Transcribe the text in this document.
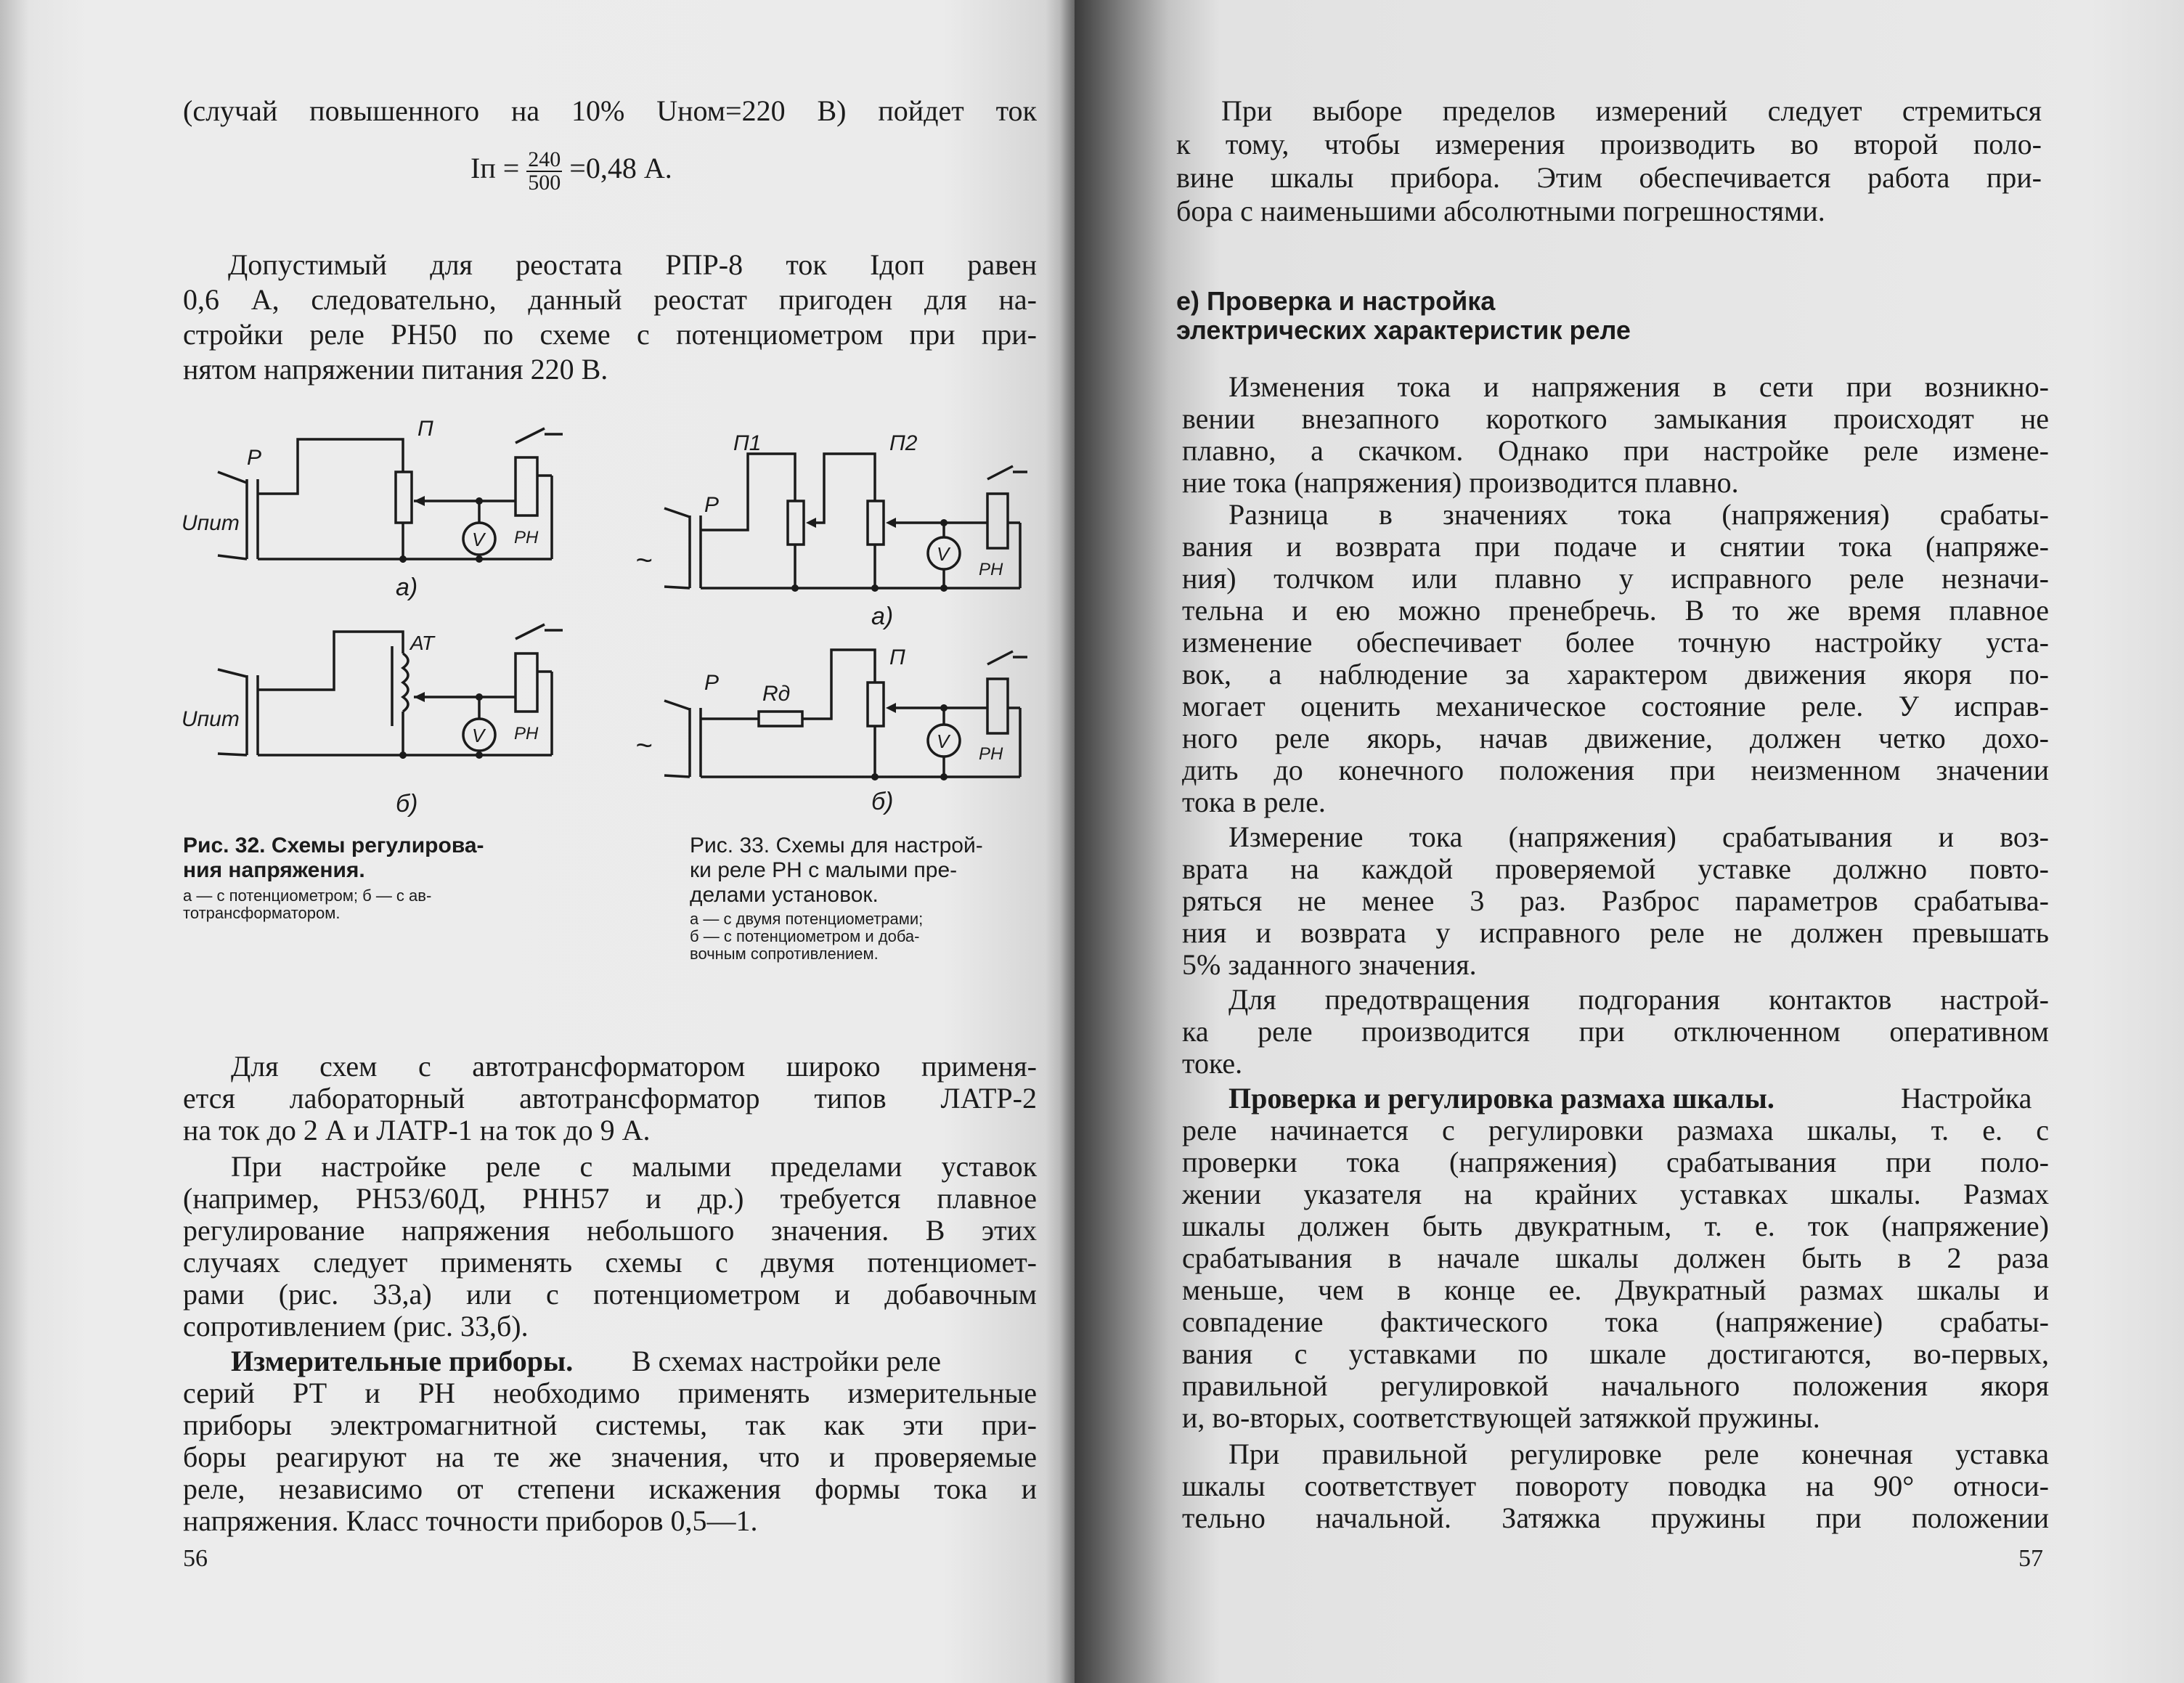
(случай повышенного на 10% Uном=220 В) пойдет ток
Iп = $\frac{240}{500} =0,48$ А.
Допустимый для реостата РПР-8 ток Iдоп равен
0,6 А, следовательно, данный реостат пригоден для на-
стройки реле РН50 по схеме с потенциометром при при-
нятом напряжении питания 220 В.
Р
П
Uпит
V РН
а)
АТ
Uпит
V РН
б)
Рис. 32. Схемы регулирова-
ния напряжения.
а — с потенциометром; б — с ав-
тотрансформатором.
Р
П1	П2
~	V
РН
а)
Р Rд
П
~	V
РН
б)
Рис. 33. Схемы для настрой-
ки реле РН с малыми пре-
делами установок.
а — с двумя потенциометрами;
б — с потенциометром и доба-
вочным сопротивлением.
Для схем с автотрансформатором широко применя-
ется лабораторный автотрансформатор типов ЛАТР-2
на ток до 2 А и ЛАТР-1 на ток до 9 А.
При настройке реле с малыми пределами уставок
(например, РН53/60Д, РНН57 и др.) требуется плавное
регулирование напряжения небольшого значения. В этих
случаях следует применять схемы с двумя потенциомет-
рами (рис. 33,а) или с потенциометром и добавочным
сопротивлением (рис. 33,б).
Измерительные приборы. В схемах настройки реле
серий РТ и РН необходимо применять измерительные
приборы электромагнитной системы, так как эти при-
боры реагируют на те же значения, что и проверяемые
реле, независимо от степени искажения формы тока и
напряжения. Класс точности приборов 0,5—1.
56
При выборе пределов измерений следует стремиться
к тому, чтобы измерения производить во второй поло-
вине шкалы прибора. Этим обеспечивается работа при-
бора с наименьшими абсолютными погрешностями.
е) Проверка и настройка
электрических характеристик реле
Изменения тока и напряжения в сети при возникно-
вении внезапного короткого замыкания происходят не
плавно, а скачком. Однако при настройке реле измене-
ние тока (напряжения) производится плавно.
Разница в значениях тока (напряжения) срабаты-
вания и возврата при подаче и снятии тока (напряже-
ния) толчком или плавно у исправного реле незначи-
тельна и ею можно пренебречь. В то же время плавное
изменение обеспечивает более точную настройку уста-
вок, а наблюдение за характером движения якоря по-
могает оценить механическое состояние реле. У исправ-
ного реле якорь, начав движение, должен четко дохо-
дить до конечного положения при неизменном значении
тока в реле.
Измерение тока (напряжения) срабатывания и воз-
врата на каждой проверяемой уставке должно повто-
ряться не менее 3 раз. Разброс параметров срабатыва-
ния и возврата у исправного реле не должен превышать
5% заданного значения.
Для предотвращения подгорания контактов настрой-
ка реле производится при отключенном оперативном
токе.
Проверка и регулировка размаха шкалы.	Настройка
реле начинается с регулировки размаха шкалы, т. е. с
проверки тока (напряжения) срабатывания при поло-
жении указателя на крайних уставках шкалы. Размах
шкалы должен быть двукратным, т. е. ток (напряжение)
срабатывания в начале шкалы должен быть в 2 раза
меньше, чем в конце ее. Двукратный размах шкалы и
совпадение фактического тока (напряжение) срабаты-
вания с уставками по шкале достигаются, во-первых,
правильной регулировкой начального положения якоря
и, во-вторых, соответствующей затяжкой пружины.
При правильной регулировке реле конечная уставка
шкалы соответствует повороту поводка на 90° относи-
тельно начальной. Затяжка пружины при положении
57
